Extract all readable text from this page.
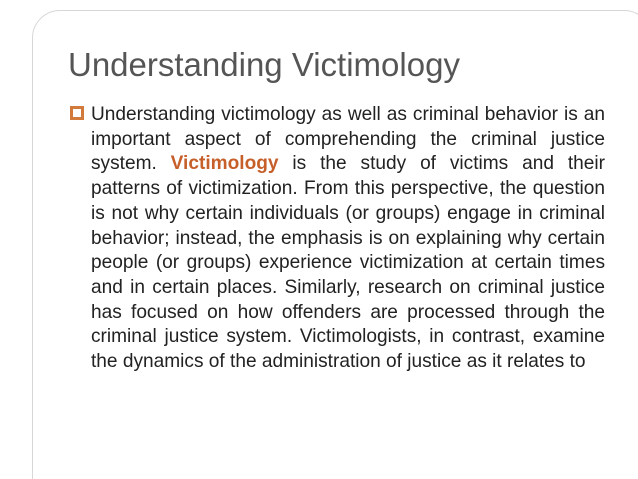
Understanding Victimology

Understanding victimology as well as criminal behavior is an important aspect of comprehending the criminal justice system. Victimology is the study of victims and their patterns of victimization. From this perspective, the question is not why certain individuals (or groups) engage in criminal behavior; instead, the emphasis is on explaining why certain people (or groups) experience victimization at certain times and in certain places. Similarly, research on criminal justice has focused on how offenders are processed through the criminal justice system. Victimologists, in contrast, examine the dynamics of the administration of justice as it relates to
